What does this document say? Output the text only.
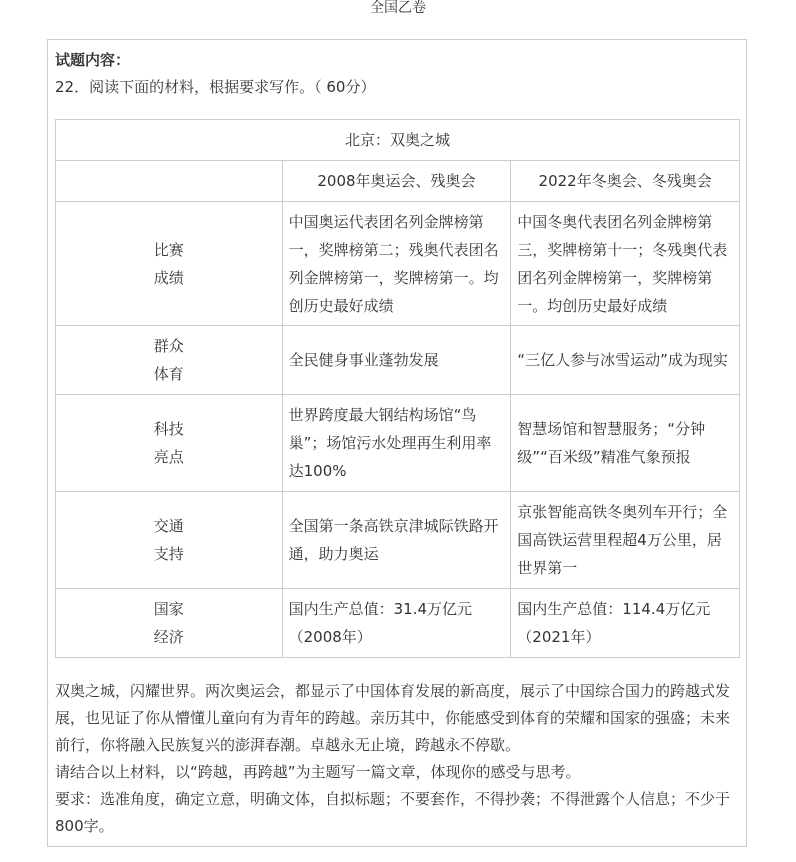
全国乙卷
试题内容：
22．阅读下面的材料，根据要求写作。（ 60分）
北京：双奥之城		
	2008年奥运会、残奥会	2022年冬奥会、冬残奥会
比赛
成绩	中国奥运代表团名列金牌榜第一，奖牌榜第二；残奥代表团名列金牌榜第一，奖牌榜第一。均创历史最好成绩	中国冬奥代表团名列金牌榜第三，奖牌榜第十一；冬残奥代表团名列金牌榜第一，奖牌榜第一。均创历史最好成绩
群众
体育	全民健身事业蓬勃发展	“三亿人参与冰雪运动”成为现实
科技
亮点	世界跨度最大钢结构场馆“鸟巢”；场馆污水处理再生利用率达100%	智慧场馆和智慧服务；“分钟级”“百米级”精准气象预报
交通
支持	全国第一条高铁京津城际铁路开通，助力奥运	京张智能高铁冬奥列车开行；全国高铁运营里程超4万公里，居世界第一
国家
经济	国内生产总值：31.4万亿元（2008年）	国内生产总值：114.4万亿元（2021年）

双奥之城，闪耀世界。两次奥运会，都显示了中国体育发展的新高度，展示了中国综合国力的跨越式发展，也见证了你从懵懂儿童向有为青年的跨越。亲历其中，你能感受到体育的荣耀和国家的强盛；未来前行，你将融入民族复兴的澎湃春潮。卓越永无止境，跨越永不停歇。

请结合以上材料，以“跨越，再跨越”为主题写一篇文章，体现你的感受与思考。

要求：选准角度，确定立意，明确文体，自拟标题；不要套作，不得抄袭；不得泄露个人信息；不少于800字。
